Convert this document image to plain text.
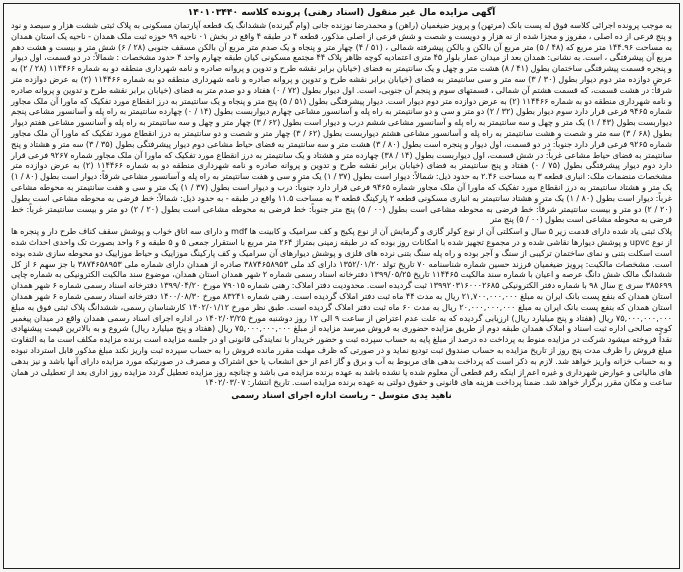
آگهی مزایده مال غیر منقول (اسناد رهنی) پرونده کلاسه ۱۴۰۱۰۳۴۴۰

به موجب پرونده اجرائی کلاسه فوق له پست بانک (مرتهن) و پرویز ضیغمیان (راهن) و محمدرضا نوزنده جانی (وام گیرنده) ششدانگ یک قطعه آپارتمان مسکونی به پلاک ثبتی ششت هزار و سیصد و نود و پنج فرعی از ده اصلی ، مفروز و مجزا شده از نه هزار و دویست و شصت و شش فرعی از اصلی مذکور، قطعه ۴ در طبقه ۴ واقع در بخش ۰۱ ناحیه ۹۹ حوزه ثبت ملک همدان - ناحیه یک استان همدان به مساحت ۱۴۴.۹۶ متر مربع که (۴۸ / ۵) متر مربع آن بالکن و بالکن پیشرفته شمالی ، (۵۱ / ۴) چهار متر و پنجاه و یک صدم متر مربع آن بالکن مسقف جنوبی (۲۸ / ۶) شش متر و بیست و هشت دهم مربع آن پیشرفتگی ، است. به نشانی: همدان بعد از میدان عمار بلوار ۴۵ متری اعتمادیه کوچه ظاهر پلاک ۴۴ مجتمع مسکونی کیان طبقه چهارم واحد ۴ حدود مشخصات : شمالاً: در دو قسمت، اول دیوار و پنجره قسمت پیشرفتگی ساختمان بطول (۴۱ / ۸) هشت متر و چهل و یک سانتیمتر به فضای (خیابان برابر نقشه طرح و تدوین و پروانه صادره و نامه شهرداری منطقه دو به شماره ۱۱۴۴۶۶ (۲۸ / ۲) به عرض دوازده متر دوم دیوار بطول (۳۰ / ۳) سه متر و سی سانتیمتر به فضای (خیابان برابر نقشه طرح و تدوین و پروانه صادره و نامه شهرداری منطقه دو به شماره ۱۱۴۴۶۶ (۲) به عرض دوازده متر شرقاً: در هشت قسمت، که قسمت هشتم آن شمالی ، قسمتهای سوم و پنجم آن جنوبی، است. اول دیوار بطول (۷۲ / ۰) هفتاد و دو صدم متر به فضای (خیابان برابر نقشه طرح و تدوین و پروانه صادره و نامه شهرداری منطقه دو به شماره ۱۱۴۴۶۶ (۲) به عرض دوازده متر دوم دیوار است. دیوار پیشرفتگی بطول (۵۱ / ۵) پنج متر و پنجاه و یک سانتیمتر به درز انقطاع مورد تفکیک که ماورا آن ملک مجاور شماره ۹۴۶۵ فرعی قرار دارد سوم دیوار بطول (۳۲ / ۲) دو متر و سی و دو سانتیمتر به راه پله و آسانسور مشاعی چهارم دیواربست بطول (۱۴ / ۰) چهارده سانتیمتر به راه پله و آسانسور مشاعی پنجم دیواربست بطول (۴۳ / ۱) یک متر و چهل و سه سانتیمتر به راه پله و آسانسور مشاعی ششم درب و دیوار است بطول (۶۲ / ۳) چهار متر و چهل و سه سانتیمتر به راه پله و آسانسور مشاعی هفتم دیوار بطول (۶۸ / ۳) سه متر و شصت و هشت سانتیمتر به راه پله و آسانسور مشاعی هشتم دیواربست بطول (۶۲ / ۳) چهار متر و شصت و دو سانتیمتر به درز انقطاع مورد تفکیک که ماورا آن ملک مجاور شماره ۹۲۶۵ فرعی قرار دارد جنوباً: در دو قسمت، اول دیوار و پنجره است بطول (۸۰ / ۳) هشت متر و سه سانتیمتر به فضای حیاط مشاعی دوم دیوار پیشرفتگی بطول (۳۵ / ۳) سه متر و هشتاد و پنج سانتیمتر به فضای حیاط مشاعی غرباً: در شش قسمت، اول دیواربست بطول (۱۴ / ۳۸) چهارده متر و هشتاد و یک سانتیمتر به درز انقطاع مورد تفکیک که ماورا آن ملک مجاور شماره ۹۲۶۷ فرعی قرار دارد دوم دیوار پیشرفتگی بطول (۷۵ / ۰) هفتاد و پنج سانتیمتر به فضای (خیابان برابر نقشه طرح و تدوین و پروانه صادره و نامه شهرداری منطقه دو به شماره ۱۱۴۴۶۶ (۲) به عرض دوازده متر مشخصات منضمات ملک: انباری قطعه ۳ به مساحت ۲.۴۶ به حدود ذیل: شمالاً: دیوار است بطول (۳۷ / ۱) یک متر و سی و هفت سانتیمتر به راه پله و آسانسور مشاعی شرقاً: دیوار است بطول (۸۰ / ۱) یک متر و هشتاد سانتیمتر به درز انقطاع مورد تفکیک که ماورا آن ملک مجاور شماره ۹۴۶۵ فرعی قرار دارد جنوباً: درب و دیوار است بطول (۳۷ / ۱) یک متر و سی و هفت سانتیمتر به محوطه مشاعی غرباً: دیوار است بطول (۸۰ / ۱) یک متر و هشتاد سانتیمتر به انباری مسکونی قطعه ۲ پارکینگ قطعه ۳ به مساحت ۱۱.۵ واقع در طبقه - به حدود ذیل: شمالاً: خط فرضی به محوطه مشاعی است بطول (۲۰ / ۲) دو متر و بیست سانتیمتر شرقاً: خط فرضی به محوطه مشاعی است بطول (۰۰ / ۵) پنج متر جنوباً: خط فرضی به محوطه مشاعی است بطول (۲۰ / ۲) دو متر و بیست سانتیمتر غرباً: خط فرضی به محوطه مشاعی است بطول (۰۰ / ۵) پنج متر

پلاک ثبتی یاد شده دارای قدمت زیر ۵ سال و اسکلتی آن از نوع کولر گازی و گرمایش آن از نوع پکیج و کف سرامیک و کابینت ها mdf و دارای سه اتاق خواب و پوشش سقف کناف طرح دار و پنجره ها از نوع upvc و پوشش دیوارها نقاشی شده و در مجموع تجهیز شده با امکانات روز بوده که در طبقه زمینی بمتراژ ۲۶۴ متر مربع با استقرار جمعی ۵ و ۵ طبقه و ۶ واحد بصورت تک واحدی احداث شده است اسکلت بتنی و نمای ساختمان ترکیبی از سنگ و آجر بوده و راه پله سنگ بتنی نرده های فلزی و پوشش دیوارهای آن سرامیک و کف پارکینگ موزاییک و حیاط موزاییک دو محوطه سازی شده بوده است. مشخصات مالکیت: پرویز ضیغمیان فرزند حسین شماره شناسنامه ۷۰ تاریخ تولد ۱۳۵۲/۰۱/۲۰ دارای کد ملی ۳۸۷۴۶۵۸۹۵۳ صادره از همدان دارای شماره ملی ۳۸۷۴۶۵۸۹۵۳ با جز سهم ۶ از کل ششدانگ مالک شش دانگ عرصه و اعیان با شماره سند مالکیت ۱۱۴۴۶۵ تاریخ ۱۳۹۹/۰۵/۲۵ دفترخانه اسناد رسمی شماره ۲ شهر همدان استان همدان، موضوع سند مالکیت الکترونیکی به شماره چاپی ۳۸۵۶۹۹ سری ج سال ۹۸ با شماره دفتر الکترونیکی ۱۳۹۹۲۰۳۱۶۰۰۰۲۶۸۵ ثبت گردیده است. محدودیت دفتر املاک: رهنی شماره ۷۹۰۱۵ مورخ ۱۳۹۹/۰۴/۲۰ دفترخانه اسناد رسمی شماره ۶ شهر همدان استان همدان که بنفع پست بانک ایران به مبلغ ۲۱,۷۰۰,۰۰۰,۰۰۰ ریال به مدت ۴۴ ماه ثبت دفتر املاک گردیده است. رهنی شماره ۸۳۲۴۱ مورخ ۱۴۰۰/۰۸/۳۰ دفترخانه اسناد رسمی شماره ۶ شهر همدان استان همدان که بنفع پست بانک ایران به مبلغ ۲۰,۰۰۰,۰۰۰,۰۰۰ ریال به مدت ۶۰ ماه ثبت دفتر املاک گردیده است. طبق نظر مورخ ۱۴۰۲/۰۱/۱۲ کارشناسان رسمی، ششدانگ پلاک ثبتی فوق به مبلغ ۷۵,۰۰۰,۰۰۰,۰۰۰ ریال (هفتاد و پنج میلیارد ریال) ارزیابی گردیده که به علت عدم اعتراض از ساعت ۹ الی ۱۲ روز دوشنبه مورخ ۱۴۰۲/۰۳/۲۵ در اداره اجرای اسناد رسمی همدان واقع در میدان پیغمبر کوچه صالحی اداره ثبت اسناد و املاک همدان طبقه دوم از طریق مزایده حضوری به فروش میرسد مزایده از مبلغ ۷۵,۰۰۰,۰۰۰,۰۰۰ ریال (هفتاد و پنج میلیارد ریال) شروع و به بالاترین قیمت پیشنهادی نقداً فروخته میشود شرکت در مزایده منوط به پرداخت ده درصد از مبلغ پایه به حساب سپرده ثبت و حضور خریدار با نمایندگی قانونی او در جلسه مزایده است برنده مزایده مکلف است ما به التفاوت مبلغ فروش را ظرف مدت پنج روز از تاریخ مزایده به حساب صندوق ثبت تودیع نماید و در صورتی که ظرف مهلت مقرر مانده فروش را به حساب سپرده ثبت واریز نکند مبلغ مذکور قابل استرداد نبوده و به حساب خزانه واریز خواهد شد. لازم به ذکر است که پرداخت بدهی های مربوط به آب و برق و گاز اعم از حق انشعاب یا حق اشتراک و مصرف در صورتیکه مورد مزایده دارای آنها باشد و نیز بدهی های مالیاتی و عوارض شهرداری و غیره اعم از اینکه رقم قطعی آن معلوم شده یا نشده باشد به عهده برنده مزایده می باشد و چنانچه روز مزایده تعطیل گردد مزایده روز اداری بعد از تعطیلی در همان ساعت و مکان مقرر برگزار خواهد شد. ضمناً پرداخت هزینه های قانونی و حقوق دولتی به عهده برنده مزایده است. تاریخ انتشار: ۱۴۰۲/۰۳/۰۷

ناهید یدی متوسل – ریاست اداره اجرای اسناد رسمی
